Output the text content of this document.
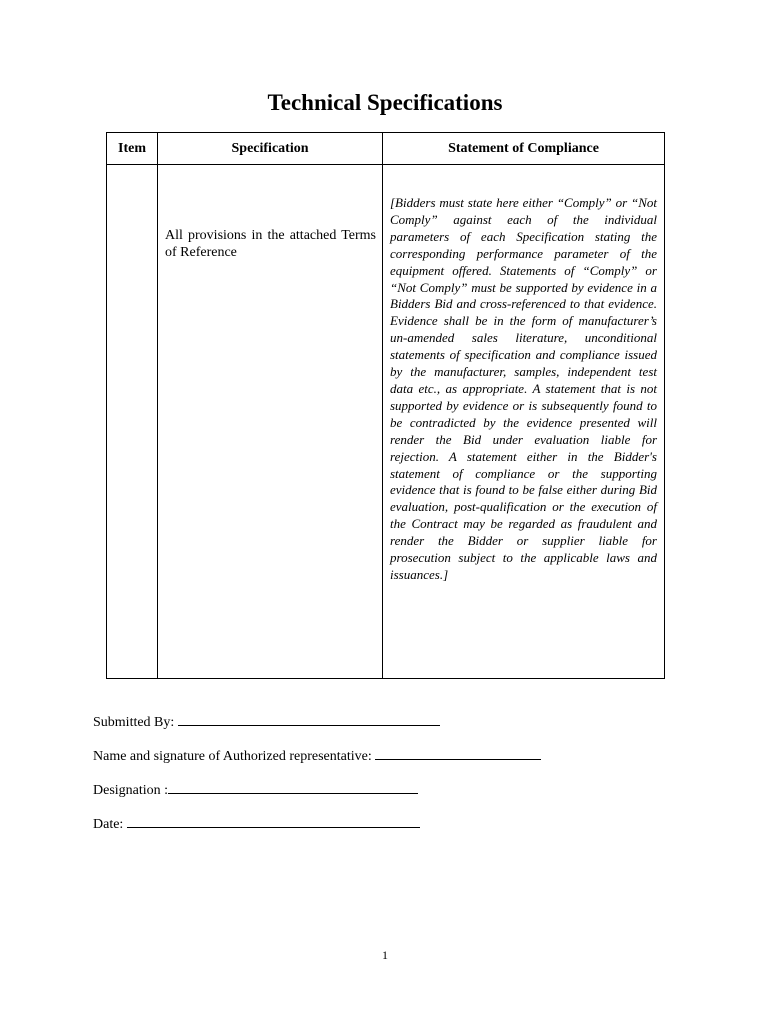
Technical Specifications
Item	Specification	Statement of Compliance

	All provisions in the attached Terms of Reference	[Bidders must state here either “Comply” or “Not Comply” against each of the individual parameters of each Specification stating the corresponding performance parameter of the equipment offered. Statements of “Comply” or “Not Comply” must be supported by evidence in a Bidders Bid and cross-referenced to that evidence. Evidence shall be in the form of manufacturer’s un-amended sales literature, unconditional statements of specification and compliance issued by the manufacturer, samples, independent test data etc., as appropriate. A statement that is not supported by evidence or is subsequently found to be contradicted by the evidence presented will render the Bid under evaluation liable for rejection. A statement either in the Bidder's statement of compliance or the supporting evidence that is found to be false either during Bid evaluation, post-qualification or the execution of the Contract may be regarded as fraudulent and render the Bidder or supplier liable for prosecution subject to the applicable laws and issuances.]
Submitted By:
Name and signature of Authorized representative:
Designation :
Date:
1
